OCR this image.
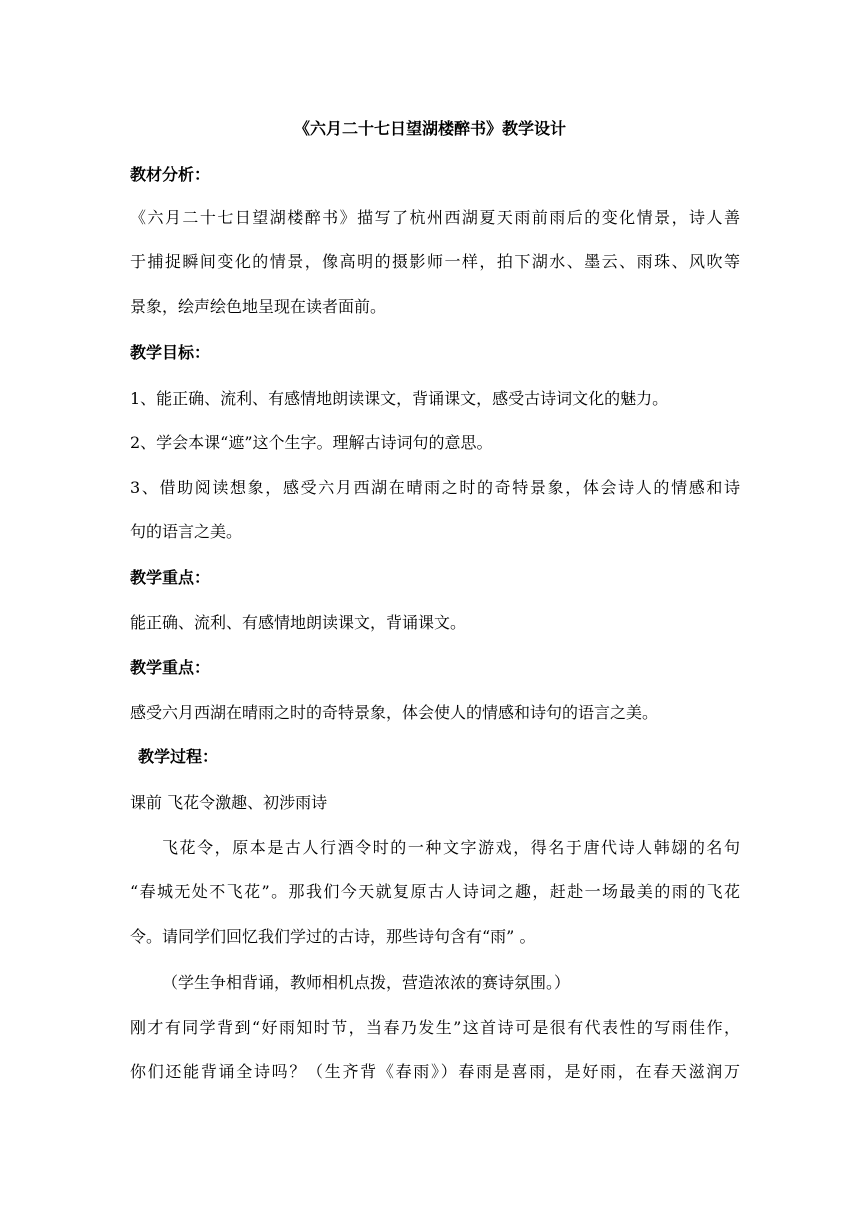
《六月二十七日望湖楼醉书》教学设计
教材分析：
《六月二十七日望湖楼醉书》描写了杭州西湖夏天雨前雨后的变化情景，诗人善
于捕捉瞬间变化的情景，像高明的摄影师一样，拍下湖水、墨云、雨珠、风吹等
景象，绘声绘色地呈现在读者面前。
教学目标：
1、能正确、流利、有感情地朗读课文，背诵课文，感受古诗词文化的魅力。
2、学会本课“遮”这个生字。理解古诗词句的意思。
3、借助阅读想象，感受六月西湖在晴雨之时的奇特景象，体会诗人的情感和诗
句的语言之美。
教学重点：
能正确、流利、有感情地朗读课文，背诵课文。
教学重点：
感受六月西湖在晴雨之时的奇特景象，体会使人的情感和诗句的语言之美。
教学过程：
课前 飞花令激趣、初涉雨诗
飞花令，原本是古人行酒令时的一种文字游戏，得名于唐代诗人韩翃的名句
“春城无处不飞花”。那我们今天就复原古人诗词之趣，赶赴一场最美的雨的飞花
令。请同学们回忆我们学过的古诗，那些诗句含有“雨” 。
（学生争相背诵，教师相机点拨，营造浓浓的赛诗氛围。）
刚才有同学背到“好雨知时节，当春乃发生”这首诗可是很有代表性的写雨佳作，
你们还能背诵全诗吗？（生齐背《春雨》）春雨是喜雨，是好雨，在春天滋润万
